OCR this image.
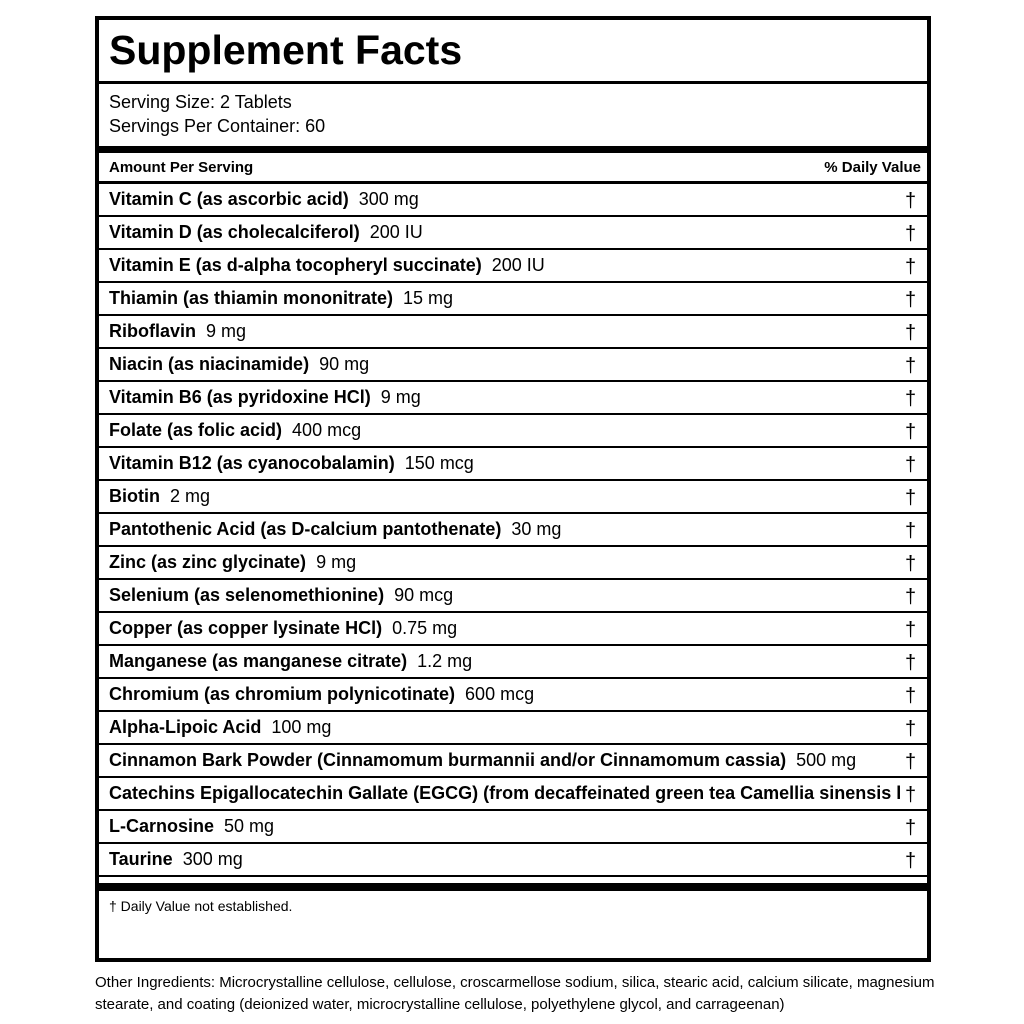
Supplement Facts
Serving Size: 2 Tablets
Servings Per Container: 60
Amount Per Serving	% Daily Value
Vitamin C (as ascorbic acid) 300 mg	†
Vitamin D (as cholecalciferol) 200 IU	†
Vitamin E (as d-alpha tocopheryl succinate) 200 IU	†
Thiamin (as thiamin mononitrate) 15 mg	†
Riboflavin 9 mg	†
Niacin (as niacinamide) 90 mg	†
Vitamin B6 (as pyridoxine HCl) 9 mg	†
Folate (as folic acid) 400 mcg	†
Vitamin B12 (as cyanocobalamin) 150 mcg	†
Biotin 2 mg	†
Pantothenic Acid (as D-calcium pantothenate) 30 mg	†
Zinc (as zinc glycinate) 9 mg	†
Selenium (as selenomethionine) 90 mcg	†
Copper (as copper lysinate HCl) 0.75 mg	†
Manganese (as manganese citrate) 1.2 mg	†
Chromium (as chromium polynicotinate) 600 mcg	†
Alpha-Lipoic Acid 100 mg	†
Cinnamon Bark Powder (Cinnamomum burmannii and/or Cinnamomum cassia) 500 mg †
Catechins Epigallocatechin Gallate (EGCG) (from decaffeinated green tea Camellia sinensis l †
L-Carnosine 50 mg	†
Taurine 300 mg	†
† Daily Value not established.
Other Ingredients: Microcrystalline cellulose, cellulose, croscarmellose sodium, silica, stearic acid, calcium silicate, magnesium stearate, and coating (deionized water, microcrystalline cellulose, polyethylene glycol, and carrageenan)
